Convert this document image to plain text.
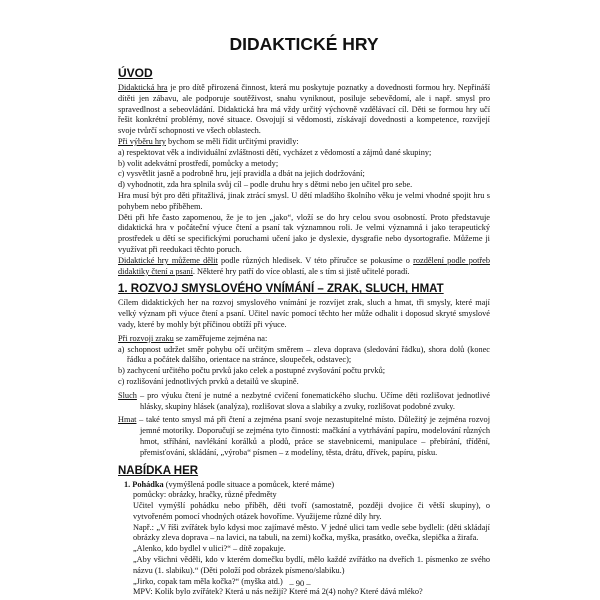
DIDAKTICKÉ HRY
ÚVOD

Didaktická hra je pro dítě přirozená činnost, která mu poskytuje poznatky a dovednosti formou hry. Nepřináší dítěti jen zábavu, ale podporuje soutěživost, snahu vyniknout, posiluje sebevědomí, ale i např. smysl pro spravedlnost a sebeovládání. Didaktická hra má vždy určitý výchovně vzdělávací cíl. Děti se formou hry učí řešit konkrétní problémy, nové situace. Osvojují si vědomosti, získávají dovednosti a kompetence, rozvíjejí svoje tvůrčí schopnosti ve všech oblastech.

Při výběru hry bychom se měli řídit určitými pravidly:

a) respektovat věk a individuální zvláštnosti dětí, vycházet z vědomostí a zájmů dané skupiny;

b) volit adekvátní prostředí, pomůcky a metody;

c) vysvětlit jasně a podrobně hru, její pravidla a dbát na jejich dodržování;

d) vyhodnotit, zda hra splnila svůj cíl – podle druhu hry s dětmi nebo jen učitel pro sebe.

Hra musí být pro děti přitažlivá, jinak ztrácí smysl. U dětí mladšího školního věku je velmi vhodné spojit hru s pohybem nebo příběhem.

Děti při hře často zapomenou, že je to jen „jako“, vloží se do hry celou svou osobností. Proto představuje didaktická hra v počáteční výuce čtení a psaní tak významnou roli. Je velmi významná i jako terapeutický prostředek u dětí se specifickými poruchami učení jako je dyslexie, dysgrafie nebo dysortografie. Můžeme ji využívat při reedukaci těchto poruch.

Didaktické hry můžeme dělit podle různých hledisek. V této příručce se pokusíme o rozdělení podle potřeb didaktiky čtení a psaní. Některé hry patří do více oblastí, ale s tím si jistě učitelé poradí.

1. ROZVOJ SMYSLOVÉHO VNÍMÁNÍ – ZRAK, SLUCH, HMAT

Cílem didaktických her na rozvoj smyslového vnímání je rozvíjet zrak, sluch a hmat, tři smysly, které mají velký význam při výuce čtení a psaní. Učitel navíc pomocí těchto her může odhalit i doposud skryté smyslové vady, které by mohly být příčinou obtíží při výuce.

Při rozvoji zraku se zaměřujeme zejména na:

a) schopnost udržet směr pohybu očí určitým směrem – zleva doprava (sledování řádku), shora dolů (konec řádku a počátek dalšího, orientace na stránce, sloupeček, odstavec);

b) zachycení určitého počtu prvků jako celek a postupné zvyšování počtu prvků;

c) rozlišování jednotlivých prvků a detailů ve skupině.

Sluch – pro výuku čtení je nutné a nezbytné cvičení fonematického sluchu. Učíme děti rozlišovat jednotlivé hlásky, skupiny hlásek (analýza), rozlišovat slova a slabiky a zvuky, rozlišovat podobné zvuky.

Hmat – také tento smysl má při čtení a zejména psaní svoje nezastupitelné místo. Důležitý je zejména rozvoj jemné motoriky. Doporučují se zejména tyto činnosti: mačkání a vytrhávání papíru, modelování různých hmot, stříhání, navlékání korálků a plodů, práce se stavebnicemi, manipulace – přebírání, třídění, přemisťování, skládání, „výroba“ písmen – z modelíny, těsta, drátu, dřívek, papíru, písku.

NABÍDKA HER

1. Pohádka (vymýšlená podle situace a pomůcek, které máme)

pomůcky: obrázky, hračky, různé předměty

Učitel vymýšlí pohádku nebo příběh, děti tvoří (samostatně, později dvojice či větší skupiny), o vytvořeném pomocí vhodných otázek hovoříme. Využijeme různé díly hry.

Např.: „V říši zvířátek bylo kdysi moc zajímavé město. V jedné ulici tam vedle sebe bydleli: (děti skládají obrázky zleva doprava – na lavici, na tabuli, na zemi) kočka, myška, prasátko, ovečka, slepička a žirafa.

„Alenko, kdo bydlel v ulici?“ – dítě zopakuje.

„Aby všichni věděli, kdo v kterém domečku bydlí, mělo každé zvířátko na dveřích 1. písmenko ze svého názvu (1. slabiku).“ (Děti položí pod obrázek písmeno/slabiku.)

„Jirko, copak tam měla kočka?“ (myška atd.)

MPV: Kolik bylo zvířátek? Která u nás nežijí? Které má 2(4) nohy? Které dává mléko?

– 90 –
